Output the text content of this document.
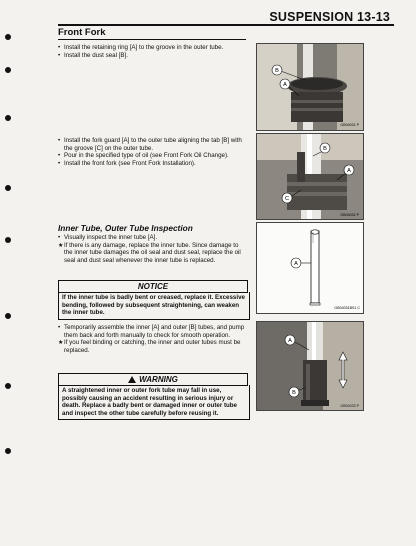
SUSPENSION 13-13
Front Fork

• Install the retaining ring [A] to the groove in the outer tube.

• Install the dust seal [B].

• Install the fork guard [A] to the outer tube aligning the tab [B] with the groove [C] on the outer tube.

• Pour in the specified type of oil (see Front Fork Oil Change).

• Install the front fork (see Front Fork Installation).

Inner Tube, Outer Tube Inspection

• Visually inspect the inner tube [A].

★If there is any damage, replace the inner tube. Since damage to the inner tube damages the oil seal and dust seal, replace the oil seal and dust seal whenever the inner tube is replaced.

NOTICE
If the inner tube is badly bent or creased, replace it. Excessive bending, followed by subsequent straightening, can weaken the inner tube.

• Temporarily assemble the inner [A] and outer [B] tubes, and pump them back and forth manually to check for smooth operation.

★If you feel binding or catching, the inner and outer tubes must be replaced.

WARNING
A straightened inner or outer fork tube may fall in use, possibly causing an accident resulting in serious injury or death. Replace a badly bent or damaged inner or outer tube and inspect the other tube carefully before reusing it.
B
A
GB04031 P
B
A
C
GB04032 P
A
GB04031BS1 C
A
B
GB04033 P
